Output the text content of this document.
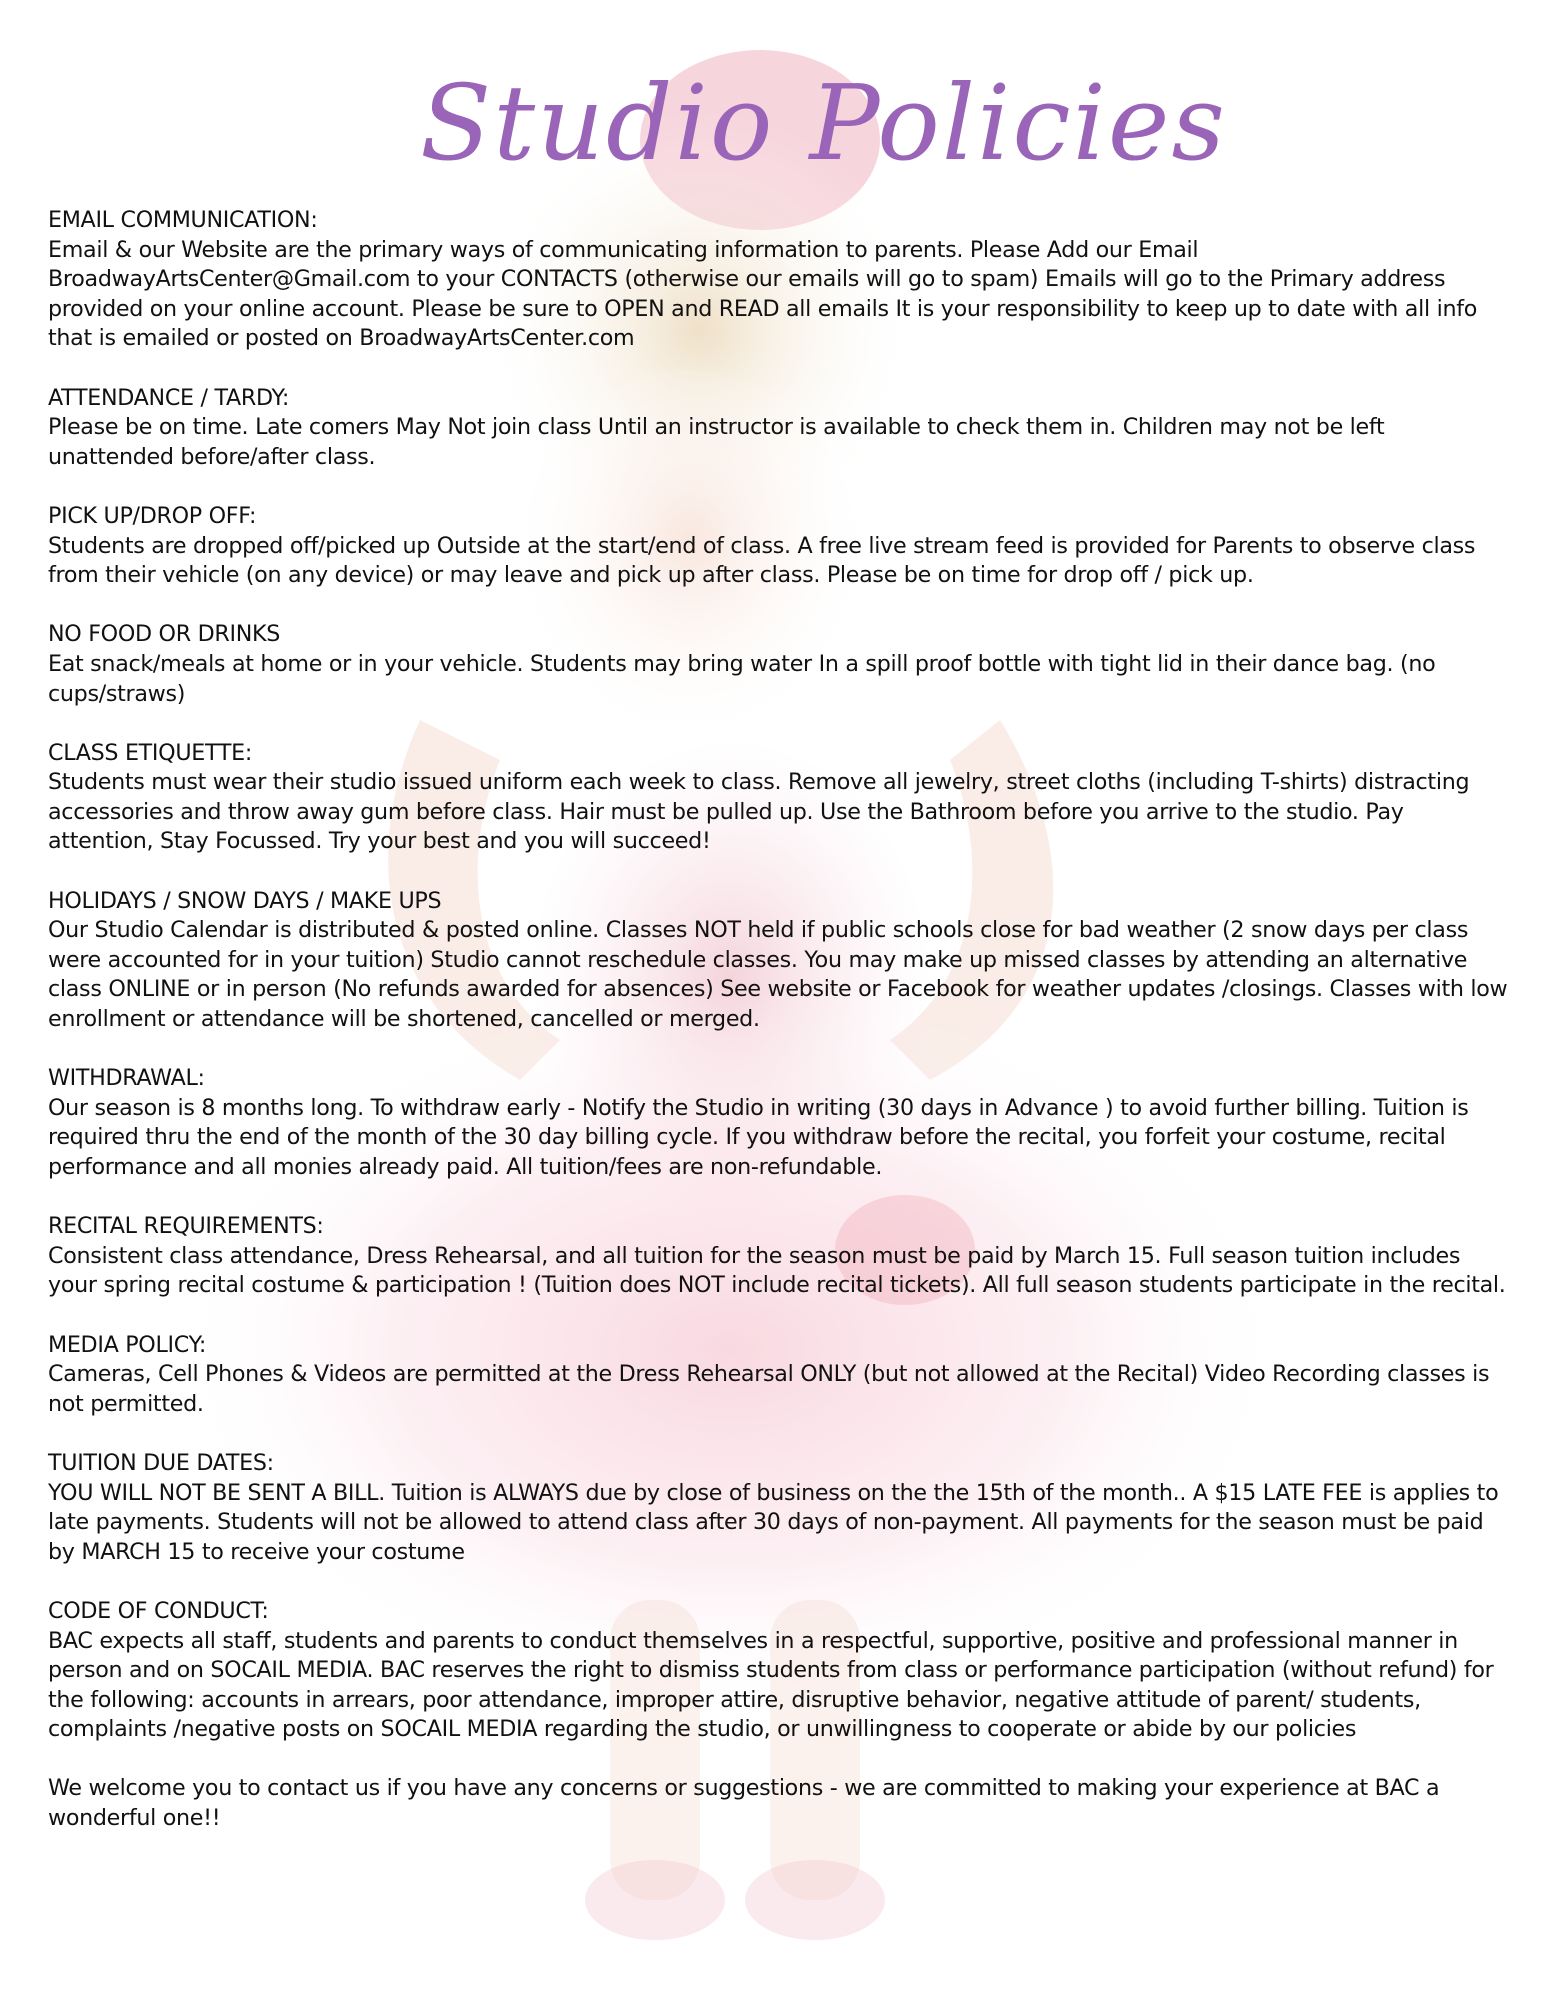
Studio Policies
EMAIL COMMUNICATION:
Email & our Website are the primary ways of communicating information to parents. Please Add our Email BroadwayArtsCenter@Gmail.com to your CONTACTS (otherwise our emails will go to spam) Emails will go to the Primary address provided on your online account. Please be sure to OPEN and READ all emails It is your responsibility to keep up to date with all info that is emailed or posted on BroadwayArtsCenter.com
ATTENDANCE / TARDY:
Please be on time. Late comers May Not join class Until an instructor is available to check them in. Children may not be left unattended before/after class.
PICK UP/DROP OFF:
Students are dropped off/picked up Outside at the start/end of class. A free live stream feed is provided for Parents to observe class from their vehicle (on any device) or may leave and pick up after class. Please be on time for drop off / pick up.
NO FOOD OR DRINKS
Eat snack/meals at home or in your vehicle. Students may bring water In a spill proof bottle with tight lid in their dance bag. (no cups/straws)
CLASS ETIQUETTE:
Students must wear their studio issued uniform each week to class. Remove all jewelry, street cloths (including T-shirts) distracting accessories and throw away gum before class. Hair must be pulled up. Use the Bathroom before you arrive to the studio. Pay attention, Stay Focussed. Try your best and you will succeed!
HOLIDAYS / SNOW DAYS / MAKE UPS
Our Studio Calendar is distributed & posted online. Classes NOT held if public schools close for bad weather (2 snow days per class were accounted for in your tuition) Studio cannot reschedule classes. You may make up missed classes by attending an alternative class ONLINE or in person (No refunds awarded for absences) See website or Facebook for weather updates /closings. Classes with low enrollment or attendance will be shortened, cancelled or merged.
WITHDRAWAL:
Our season is 8 months long. To withdraw early - Notify the Studio in writing (30 days in Advance ) to avoid further billing. Tuition is required thru the end of the month of the 30 day billing cycle. If you withdraw before the recital, you forfeit your costume, recital performance and all monies already paid. All tuition/fees are non-refundable.
RECITAL REQUIREMENTS:
Consistent class attendance, Dress Rehearsal, and all tuition for the season must be paid by March 15. Full season tuition includes your spring recital costume & participation ! (Tuition does NOT include recital tickets). All full season students participate in the recital.
MEDIA POLICY:
Cameras, Cell Phones & Videos are permitted at the Dress Rehearsal ONLY (but not allowed at the Recital) Video Recording classes is not permitted.
TUITION DUE DATES:
YOU WILL NOT BE SENT A BILL. Tuition is ALWAYS due by close of business on the the 15th of the month.. A $15 LATE FEE is applies to late payments. Students will not be allowed to attend class after 30 days of non-payment. All payments for the season must be paid by MARCH 15 to receive your costume
CODE OF CONDUCT:
BAC expects all staff, students and parents to conduct themselves in a respectful, supportive, positive and professional manner in person and on SOCAIL MEDIA. BAC reserves the right to dismiss students from class or performance participation (without refund) for the following: accounts in arrears, poor attendance, improper attire, disruptive behavior, negative attitude of parent/ students, complaints /negative posts on SOCAIL MEDIA regarding the studio, or unwillingness to cooperate or abide by our policies

We welcome you to contact us if you have any concerns or suggestions - we are committed to making your experience at BAC a wonderful one!!
